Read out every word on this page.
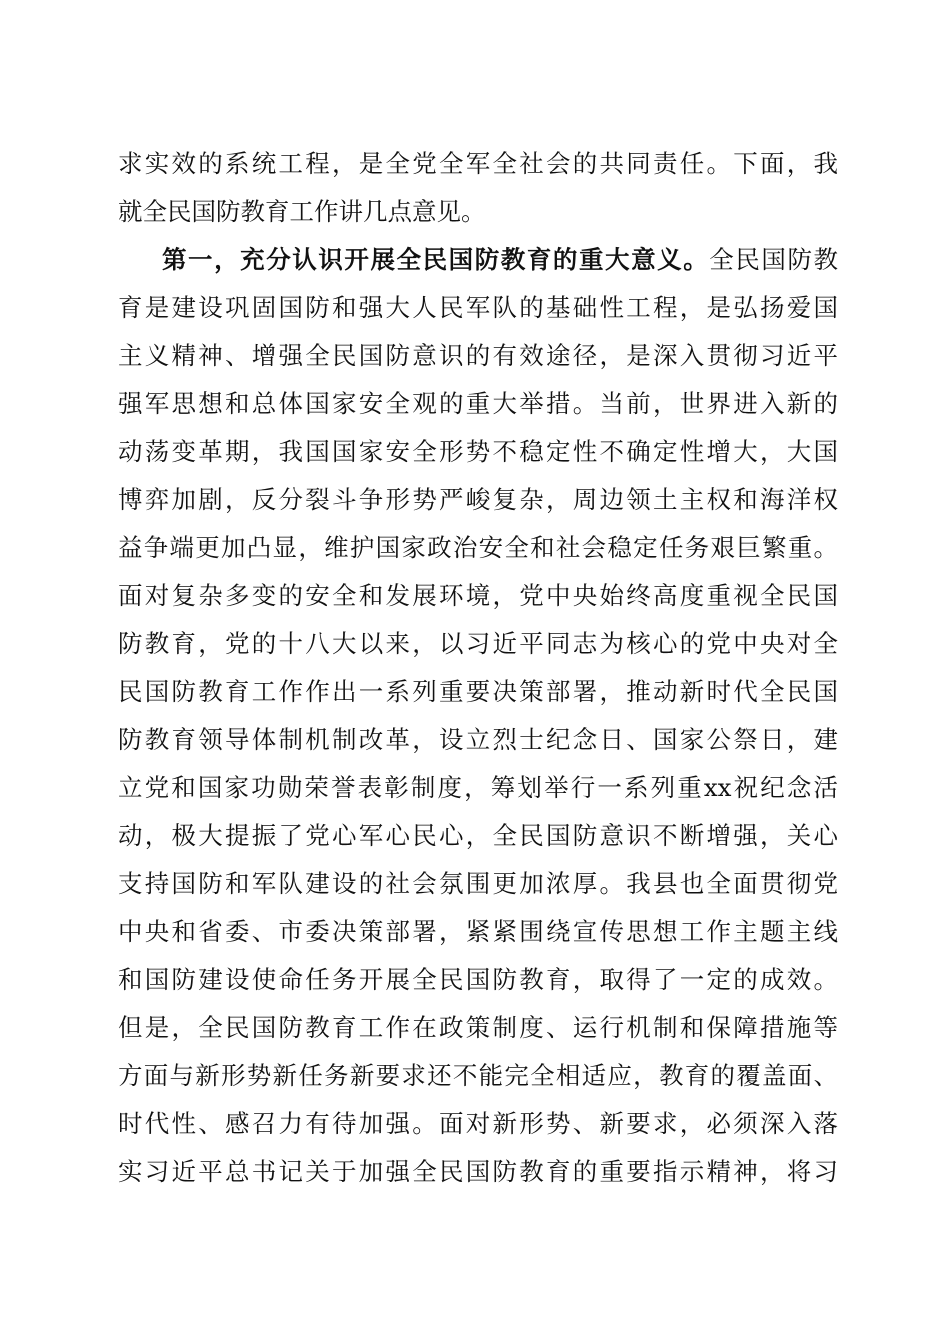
求实效的系统工程，是全党全军全社会的共同责任。下面，我
就全民国防教育工作讲几点意见。
第一，充分认识开展全民国防教育的重大意义。全民国防教
育是建设巩固国防和强大人民军队的基础性工程，是弘扬爱国
主义精神、增强全民国防意识的有效途径，是深入贯彻习近平
强军思想和总体国家安全观的重大举措。当前，世界进入新的
动荡变革期，我国国家安全形势不稳定性不确定性增大，大国
博弈加剧，反分裂斗争形势严峻复杂，周边领土主权和海洋权
益争端更加凸显，维护国家政治安全和社会稳定任务艰巨繁重。
面对复杂多变的安全和发展环境，党中央始终高度重视全民国
防教育，党的十八大以来，以习近平同志为核心的党中央对全
民国防教育工作作出一系列重要决策部署，推动新时代全民国
防教育领导体制机制改革，设立烈士纪念日、国家公祭日，建
立党和国家功勋荣誉表彰制度，筹划举行一系列重xx祝纪念活
动，极大提振了党心军心民心，全民国防意识不断增强，关心
支持国防和军队建设的社会氛围更加浓厚。我县也全面贯彻党
中央和省委、市委决策部署，紧紧围绕宣传思想工作主题主线
和国防建设使命任务开展全民国防教育，取得了一定的成效。
但是，全民国防教育工作在政策制度、运行机制和保障措施等
方面与新形势新任务新要求还不能完全相适应，教育的覆盖面、
时代性、感召力有待加强。面对新形势、新要求，必须深入落
实习近平总书记关于加强全民国防教育的重要指示精神，将习
